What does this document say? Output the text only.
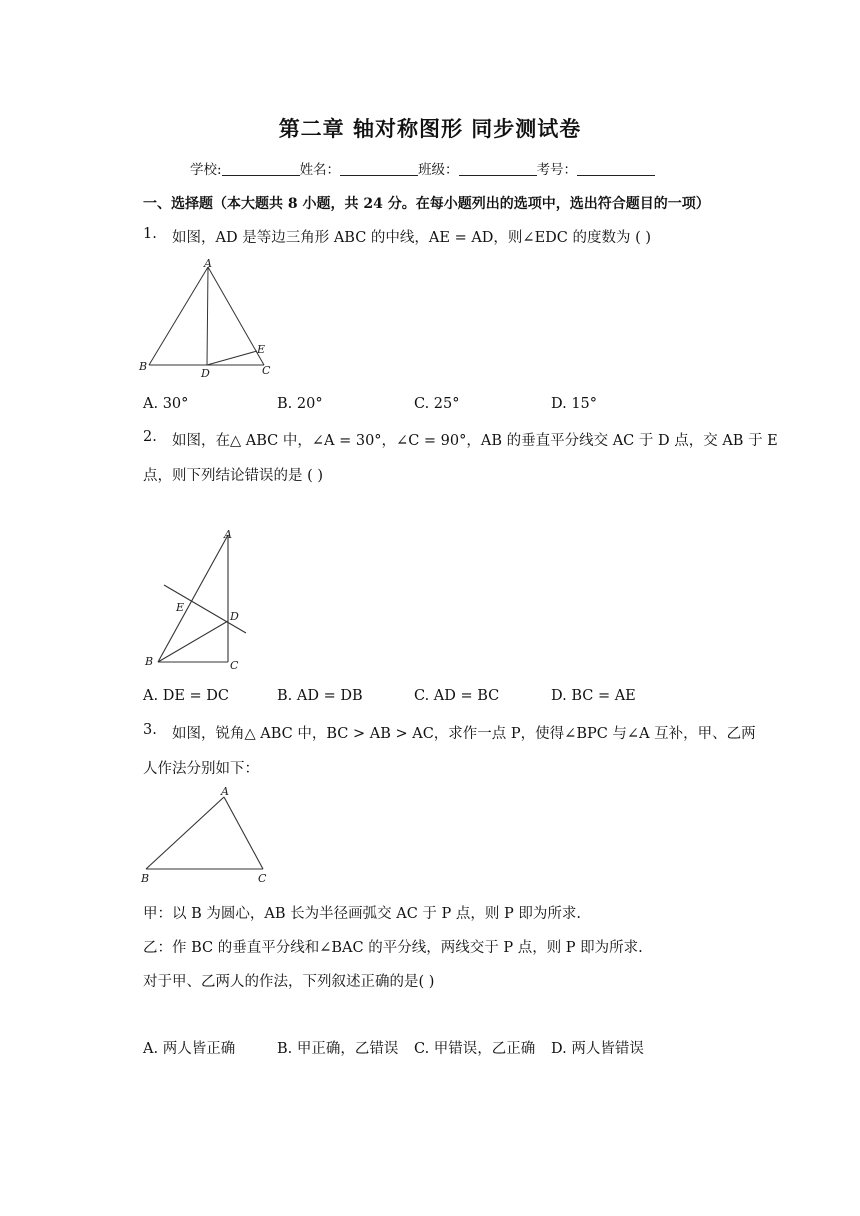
第二章 轴对称图形 同步测试卷
学校:	姓名：	班级：	考号：
一、选择题（本大题共 8 小题，共 24 分。在每小题列出的选项中，选出符合题目的一项）
1. 如图，AD 是等边三角形 ABC 的中线，AE = AD，则∠EDC 的度数为 ( )
A
B	C
D
E
A. 30°	B. 20°	C. 25°	D. 15°
2. 如图，在△ ABC 中，∠A = 30°，∠C = 90°，AB 的垂直平分线交 AC 于 D 点，交 AB 于 E
点，则下列结论错误的是 ( )
A
B	C
D
E
A. DE = DC	B. AD = DB	C. AD = BC	D. BC = AE
3. 如图，锐角△ ABC 中，BC > AB > AC，求作一点 P，使得∠BPC 与∠A 互补，甲、乙两
人作法分别如下：
A
B	C
甲：以 B 为圆心，AB 长为半径画弧交 AC 于 P 点，则 P 即为所求.
乙：作 BC 的垂直平分线和∠BAC 的平分线，两线交于 P 点，则 P 即为所求.
对于甲、乙两人的作法，下列叙述正确的是( )
A. 两人皆正确	B. 甲正确，乙错误 C. 甲错误，乙正确 D. 两人皆错误
